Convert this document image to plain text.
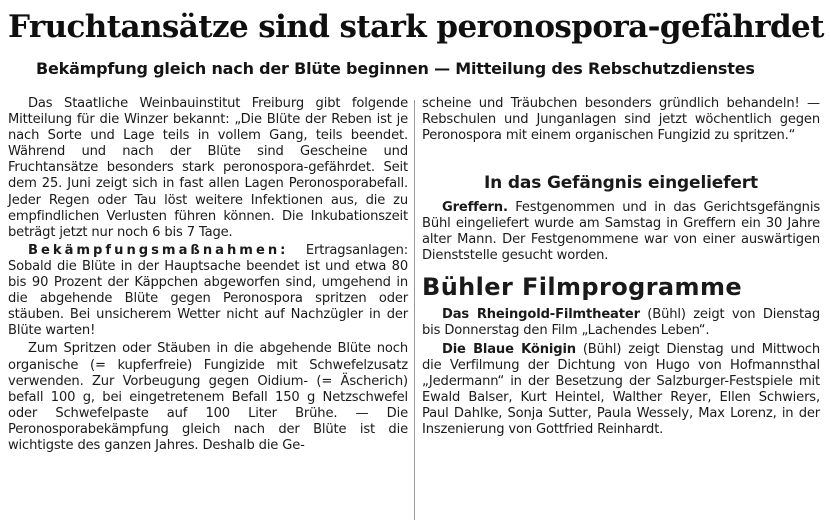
Fruchtansätze sind stark peronospora-gefährdet
Bekämpfung gleich nach der Blüte beginnen — Mitteilung des Rebschutzdienstes

Das Staatliche Weinbauinstitut Freiburg gibt folgende Mitteilung für die Winzer bekannt: „Die Blüte der Reben ist je nach Sorte und Lage teils in vollem Gang, teils beendet. Während und nach der Blüte sind Gescheine und Fruchtansätze besonders stark peronospora-gefährdet. Seit dem 25. Juni zeigt sich in fast allen Lagen Peronosporabefall. Jeder Regen oder Tau löst weitere Infektionen aus, die zu empfindlichen Verlusten führen können. Die Inkubationszeit beträgt jetzt nur noch 6 bis 7 Tage.

Bekämpfungsmaßnahmen: Ertragsanlagen: Sobald die Blüte in der Hauptsache beendet ist und etwa 80 bis 90 Prozent der Käppchen abgeworfen sind, umgehend in die abgehende Blüte gegen Peronospora spritzen oder stäuben. Bei unsicherem Wetter nicht auf Nachzügler in der Blüte warten!

Zum Spritzen oder Stäuben in die abgehende Blüte noch organische (= kupferfreie) Fungizide mit Schwefelzusatz verwenden. Zur Vorbeugung gegen Oidium- (= Äscherich) befall 100 g, bei eingetretenem Befall 150 g Netzschwefel oder Schwefelpaste auf 100 Liter Brühe. — Die Peronosporabekämpfung gleich nach der Blüte ist die wichtigste des ganzen Jahres. Deshalb die Ge-

scheine und Träubchen besonders gründlich behandeln! — Rebschulen und Junganlagen sind jetzt wöchentlich gegen Peronospora mit einem organischen Fungizid zu spritzen.“

In das Gefängnis eingeliefert

Greffern. Festgenommen und in das Gerichtsgefängnis Bühl eingeliefert wurde am Samstag in Greffern ein 30 Jahre alter Mann. Der Festgenommene war von einer auswärtigen Dienststelle gesucht worden.

Bühler Filmprogramme

Das Rheingold-Filmtheater (Bühl) zeigt von Dienstag bis Donnerstag den Film „Lachendes Leben“.

Die Blaue Königin (Bühl) zeigt Dienstag und Mittwoch die Verfilmung der Dichtung von Hugo von Hofmannsthal „Jedermann“ in der Besetzung der Salzburger-Festspiele mit Ewald Balser, Kurt Heintel, Walther Reyer, Ellen Schwiers, Paul Dahlke, Sonja Sutter, Paula Wessely, Max Lorenz, in der Inszenierung von Gottfried Reinhardt.
